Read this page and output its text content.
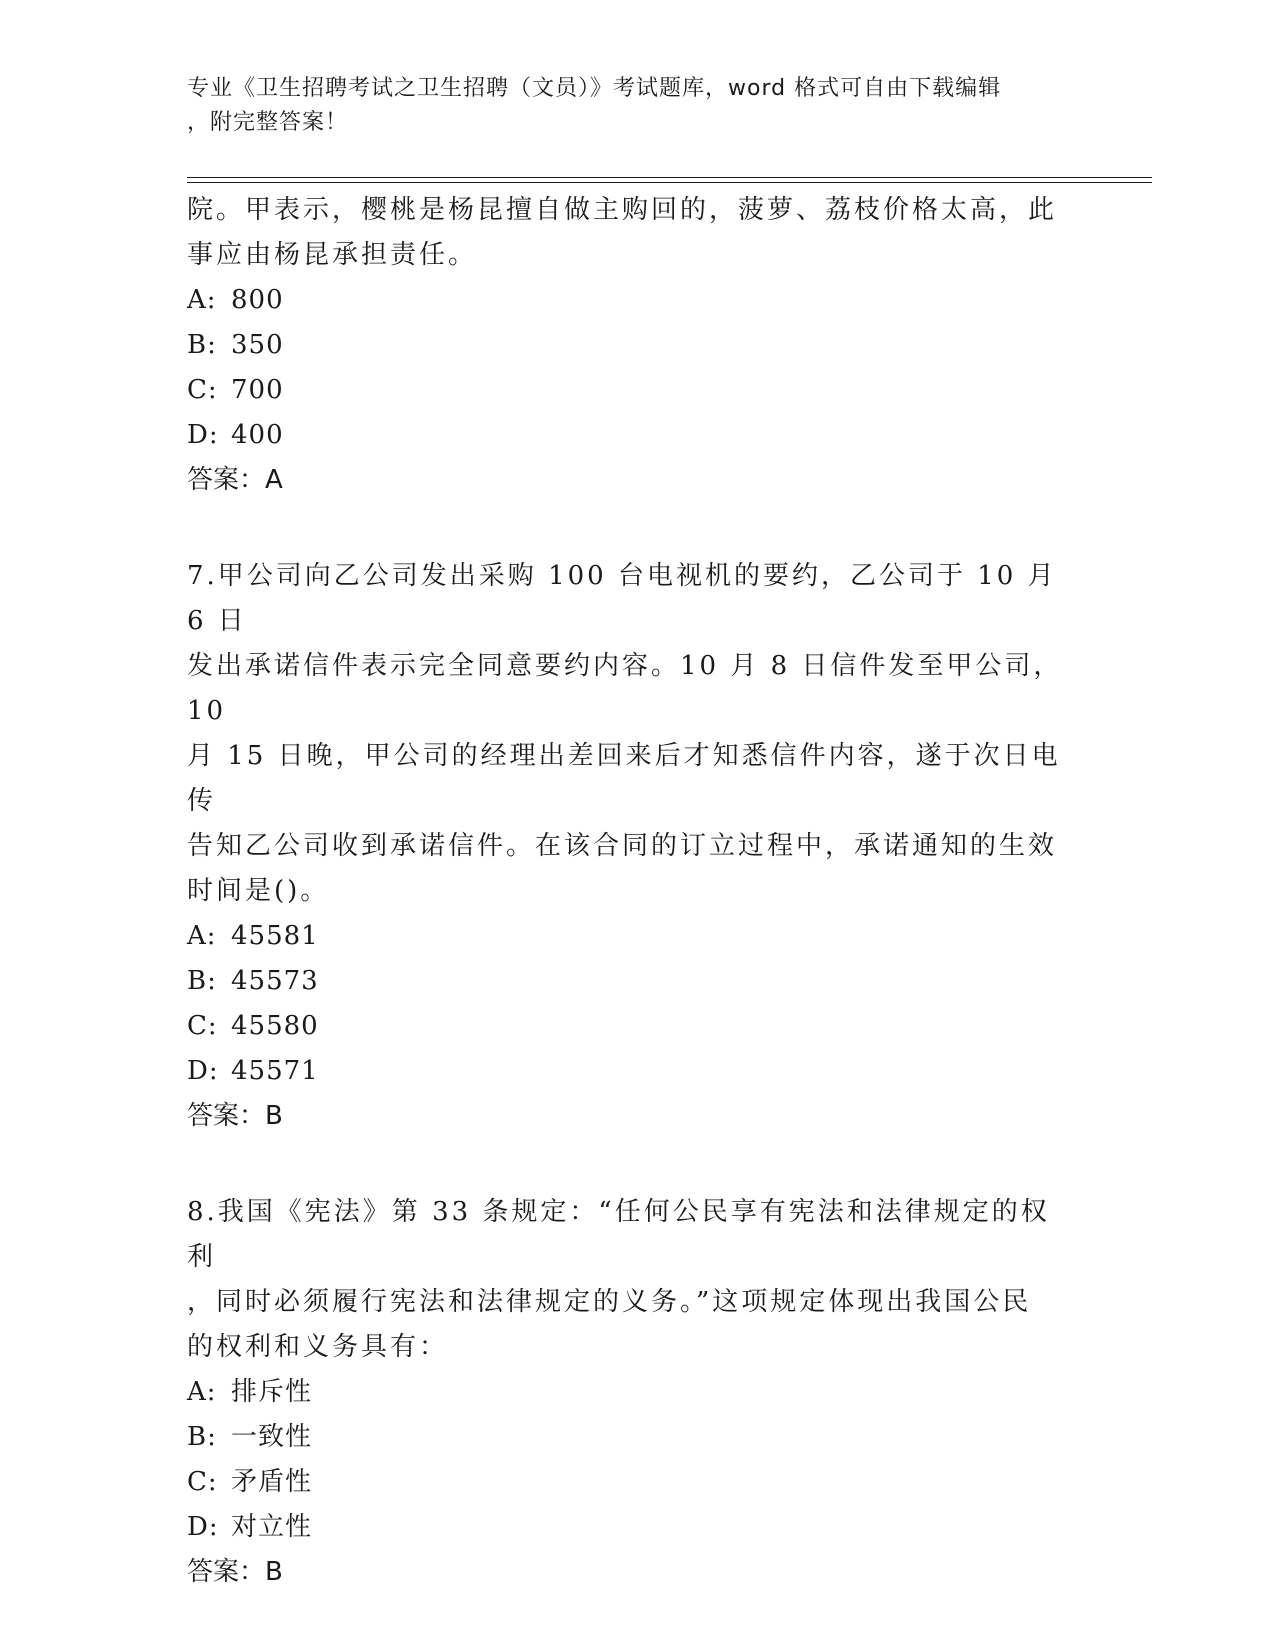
专业《卫生招聘考试之卫生招聘（文员）》考试题库，word 格式可自由下载编辑
，附完整答案！

院。甲表示，樱桃是杨昆擅自做主购回的，菠萝、荔枝价格太高，此

事应由杨昆承担责任。

A: 800

B: 350

C: 700

D: 400

答案：A

7.甲公司向乙公司发出采购 100 台电视机的要约，乙公司于 10 月 6 日

发出承诺信件表示完全同意要约内容。10 月 8 日信件发至甲公司，10

月 15 日晚，甲公司的经理出差回来后才知悉信件内容，遂于次日电传

告知乙公司收到承诺信件。在该合同的订立过程中，承诺通知的生效

时间是()。

A: 45581

B: 45573

C: 45580

D: 45571

答案：B

8.我国《宪法》第 33 条规定：“任何公民享有宪法和法律规定的权利

，同时必须履行宪法和法律规定的义务。”这项规定体现出我国公民

的权利和义务具有：

A: 排斥性

B: 一致性

C: 矛盾性

D: 对立性

答案：B
